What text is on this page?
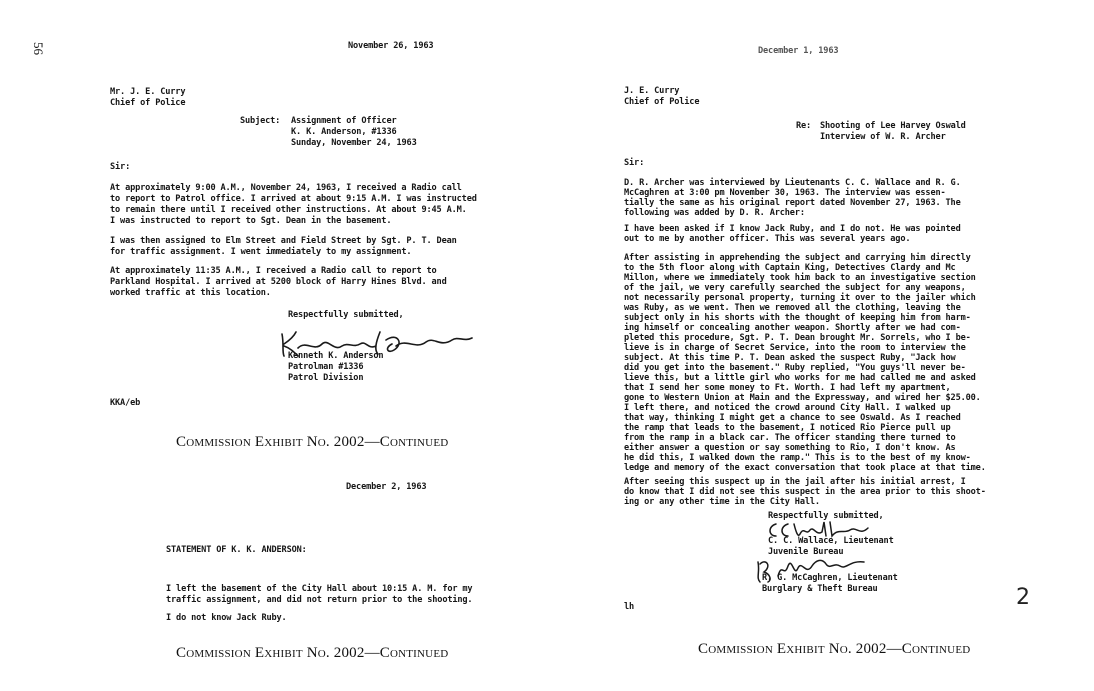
56	November 26, 1963
Mr. J. E. Curry
Chief of Police
Subject: Assignment of Officer
K. K. Anderson, #1336
Sunday, November 24, 1963
Sir:
At approximately 9:00 A.M., November 24, 1963, I received a Radio call
to report to Patrol office. I arrived at about 9:15 A.M. I was instructed
to remain there until I received other instructions. At about 9:45 A.M.
I was instructed to report to Sgt. Dean in the basement.
I was then assigned to Elm Street and Field Street by Sgt. P. T. Dean
for traffic assignment. I went immediately to my assignment.
At approximately 11:35 A.M., I received a Radio call to report to
Parkland Hospital. I arrived at 5200 block of Harry Hines Blvd. and
worked traffic at this location.
Respectfully submitted,
Kenneth K. Anderson
Patrolman #1336
Patrol Division
KKA/eb
Commission Exhibit No. 2002—Continued
December 2, 1963
STATEMENT OF K. K. ANDERSON:
I left the basement of the City Hall about 10:15 A. M. for my
traffic assignment, and did not return prior to the shooting.
I do not know Jack Ruby.
Commission Exhibit No. 2002—Continued
December 1, 1963
J. E. Curry
Chief of Police
Re: Shooting of Lee Harvey Oswald
Interview of W. R. Archer
Sir:
D. R. Archer was interviewed by Lieutenants C. C. Wallace and R. G.
McCaghren at 3:00 pm November 30, 1963. The interview was essen-
tially the same as his original report dated November 27, 1963. The
following was added by D. R. Archer:
I have been asked if I know Jack Ruby, and I do not. He was pointed
out to me by another officer. This was several years ago.
After assisting in apprehending the subject and carrying him directly
to the 5th floor along with Captain King, Detectives Clardy and Mc
Millon, where we immediately took him back to an investigative section
of the jail, we very carefully searched the subject for any weapons,
not necessarily personal property, turning it over to the jailer which
was Ruby, as we went. Then we removed all the clothing, leaving the
subject only in his shorts with the thought of keeping him from harm-
ing himself or concealing another weapon. Shortly after we had com-
pleted this procedure, Sgt. P. T. Dean brought Mr. Sorrels, who I be-
lieve is in charge of Secret Service, into the room to interview the
subject. At this time P. T. Dean asked the suspect Ruby, "Jack how
did you get into the basement." Ruby replied, "You guys'll never be-
lieve this, but a little girl who works for me had called me and asked
that I send her some money to Ft. Worth. I had left my apartment,
gone to Western Union at Main and the Expressway, and wired her $25.00.
I left there, and noticed the crowd around City Hall. I walked up
that way, thinking I might get a chance to see Oswald. As I reached
the ramp that leads to the basement, I noticed Rio Pierce pull up
from the ramp in a black car. The officer standing there turned to
either answer a question or say something to Rio, I don't know. As
he did this, I walked down the ramp." This is to the best of my know-
ledge and memory of the exact conversation that took place at that time.
After seeing this suspect up in the jail after his initial arrest, I
do know that I did not see this suspect in the area prior to this shoot-
ing or any other time in the City Hall.
Respectfully submitted,
C. C. Wallace, Lieutenant
Juvenile Bureau
R. G. McCaghren, Lieutenant
Burglary & Theft Bureau
lh	2
Commission Exhibit No. 2002—Continued
